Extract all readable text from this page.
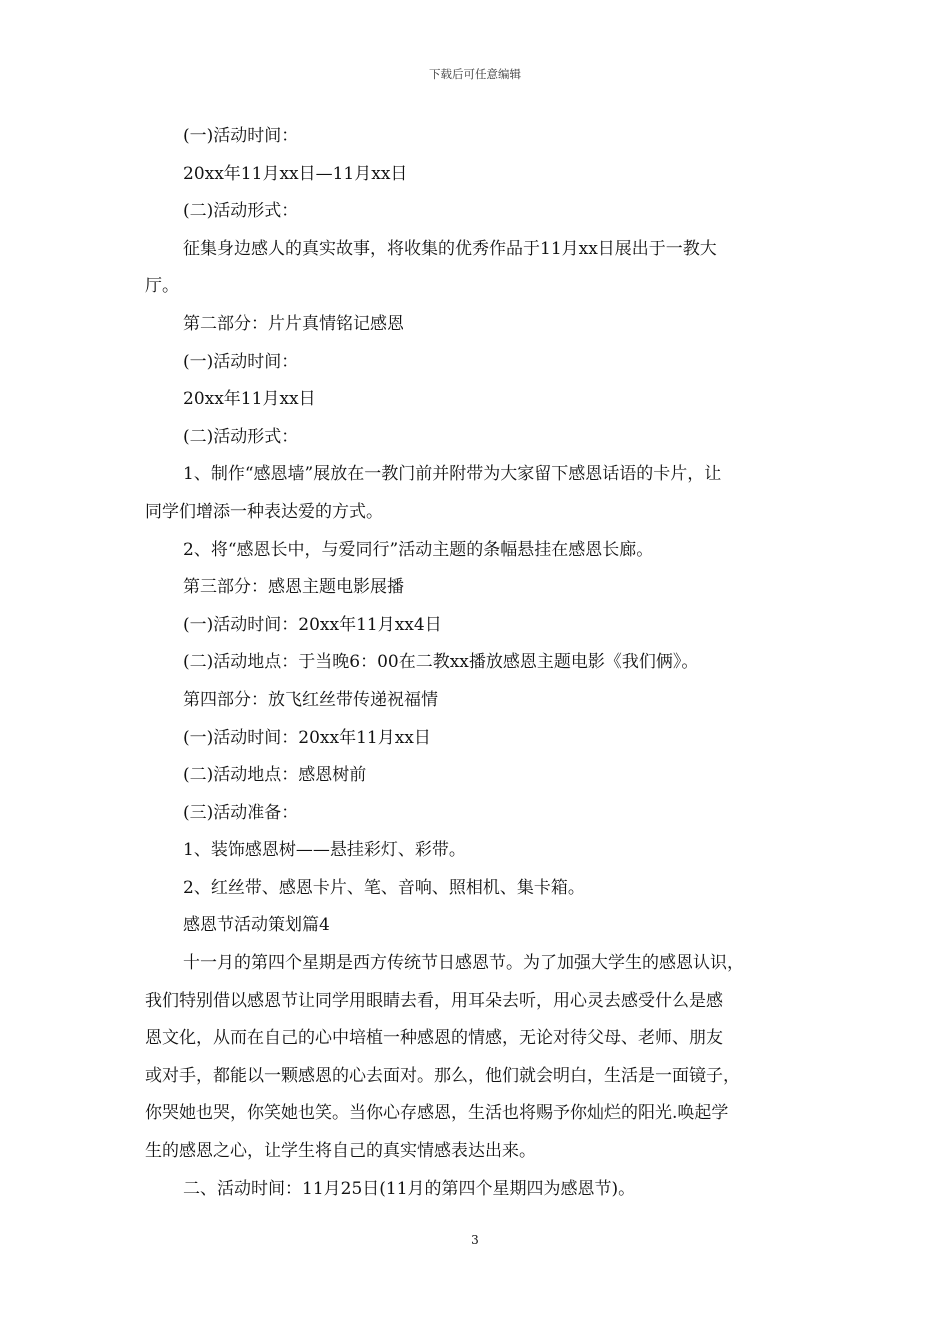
下载后可任意编辑

(一)活动时间：

20xx年11月xx日—11月xx日

(二)活动形式：

征集身边感人的真实故事，将收集的优秀作品于11月xx日展出于一教大

厅。

第二部分：片片真情铭记感恩

(一)活动时间：

20xx年11月xx日

(二)活动形式：

1、制作“感恩墙”展放在一教门前并附带为大家留下感恩话语的卡片，让

同学们增添一种表达爱的方式。

2、将“感恩长中，与爱同行”活动主题的条幅悬挂在感恩长廊。

第三部分：感恩主题电影展播

(一)活动时间：20xx年11月xx4日

(二)活动地点：于当晚6：00在二教xx播放感恩主题电影《我们俩》。

第四部分：放飞红丝带传递祝福情

(一)活动时间：20xx年11月xx日

(二)活动地点：感恩树前

(三)活动准备：

1、装饰感恩树——悬挂彩灯、彩带。

2、红丝带、感恩卡片、笔、音响、照相机、集卡箱。

感恩节活动策划篇4

十一月的第四个星期是西方传统节日感恩节。为了加强大学生的感恩认识，

我们特别借以感恩节让同学用眼睛去看，用耳朵去听，用心灵去感受什么是感

恩文化，从而在自己的心中培植一种感恩的情感，无论对待父母、老师、朋友

或对手，都能以一颗感恩的心去面对。那么，他们就会明白，生活是一面镜子，

你哭她也哭，你笑她也笑。当你心存感恩，生活也将赐予你灿烂的阳光.唤起学

生的感恩之心，让学生将自己的真实情感表达出来。

二、活动时间：11月25日(11月的第四个星期四为感恩节)。

3
